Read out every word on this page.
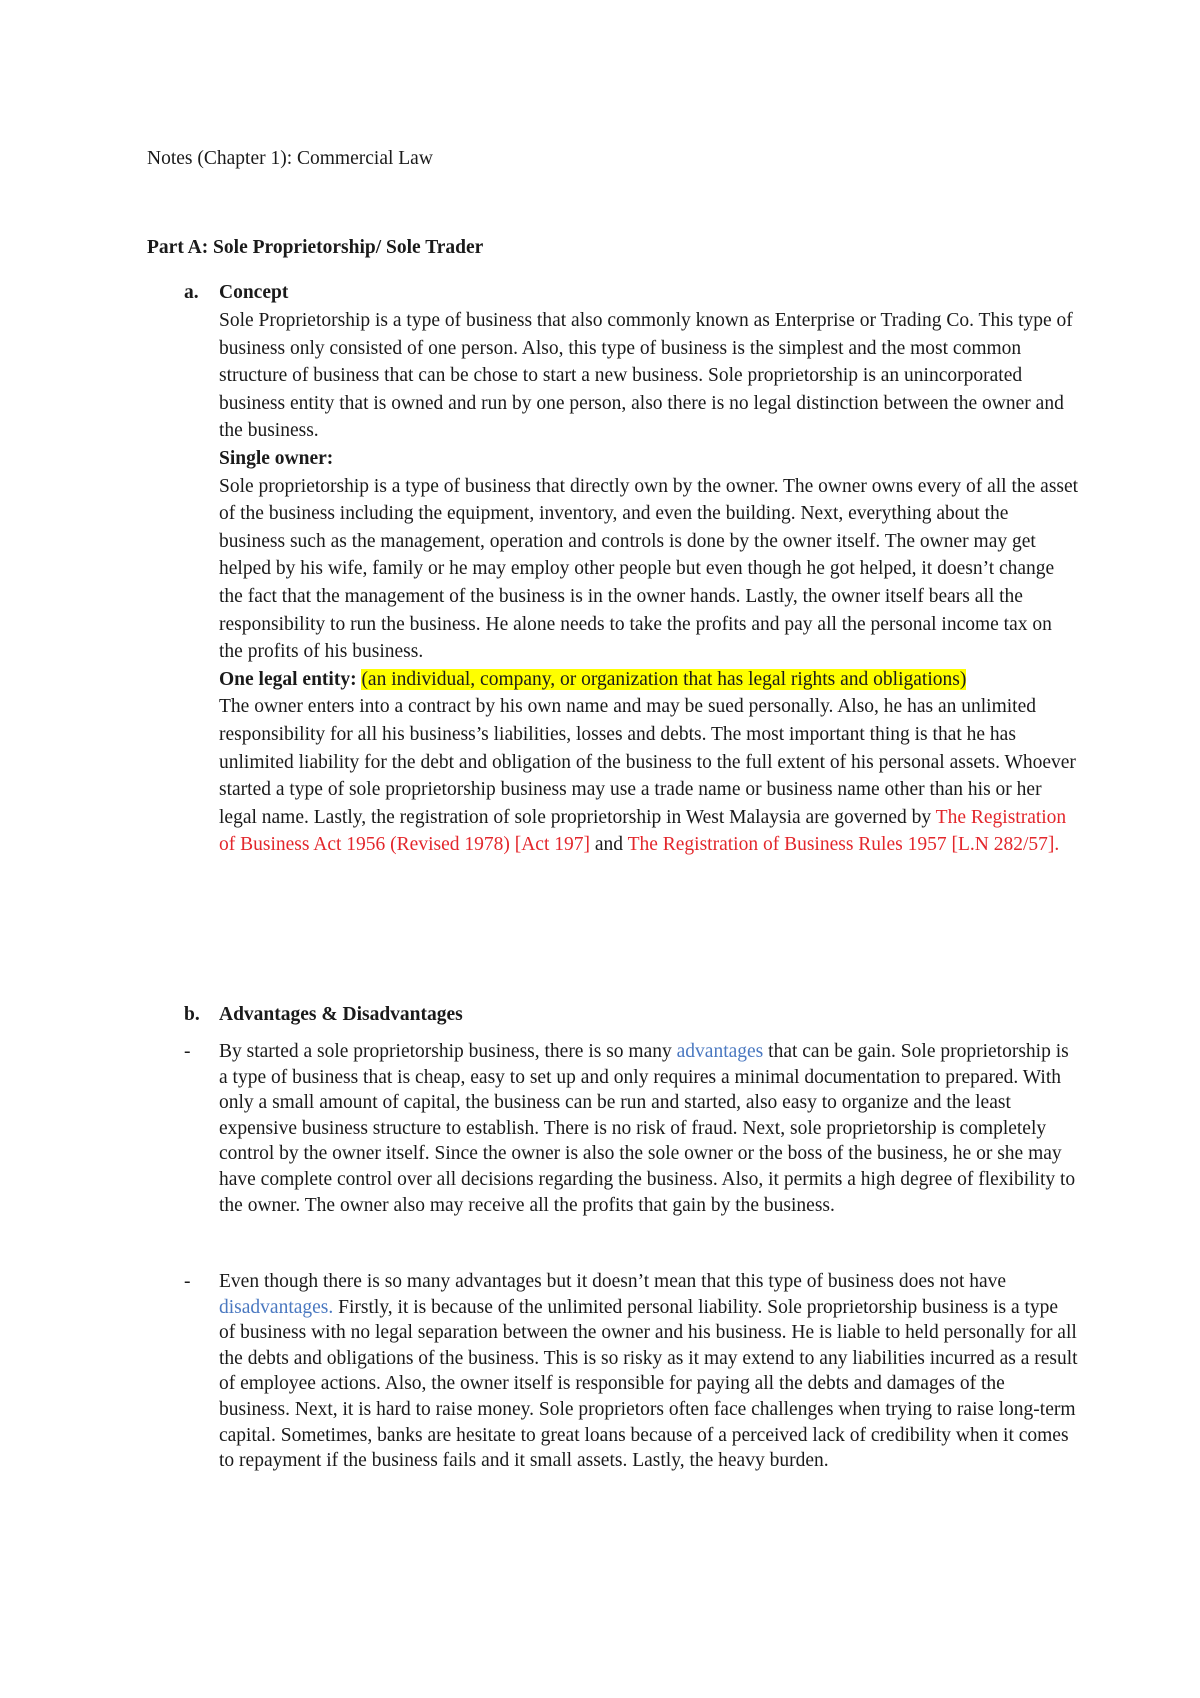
Notes (Chapter 1): Commercial Law
Part A: Sole Proprietorship/ Sole Trader
a. Concept

Sole Proprietorship is a type of business that also commonly known as Enterprise or Trading Co. This type of business only consisted of one person. Also, this type of business is the simplest and the most common structure of business that can be chose to start a new business. Sole proprietorship is an unincorporated business entity that is owned and run by one person, also there is no legal distinction between the owner and the business.

Single owner:

Sole proprietorship is a type of business that directly own by the owner. The owner owns every of all the asset of the business including the equipment, inventory, and even the building. Next, everything about the business such as the management, operation and controls is done by the owner itself. The owner may get helped by his wife, family or he may employ other people but even though he got helped, it doesn’t change the fact that the management of the business is in the owner hands. Lastly, the owner itself bears all the responsibility to run the business. He alone needs to take the profits and pay all the personal income tax on the profits of his business.

One legal entity: (an individual, company, or organization that has legal rights and obligations)

The owner enters into a contract by his own name and may be sued personally. Also, he has an unlimited responsibility for all his business’s liabilities, losses and debts. The most important thing is that he has unlimited liability for the debt and obligation of the business to the full extent of his personal assets. Whoever started a type of sole proprietorship business may use a trade name or business name other than his or her legal name. Lastly, the registration of sole proprietorship in West Malaysia are governed by The Registration of Business Act 1956 (Revised 1978) [Act 197] and The Registration of Business Rules 1957 [L.N 282/57].

b. Advantages & Disadvantages
- By started a sole proprietorship business, there is so many advantages that can be gain. Sole proprietorship is a type of business that is cheap, easy to set up and only requires a minimal documentation to prepared. With only a small amount of capital, the business can be run and started, also easy to organize and the least expensive business structure to establish. There is no risk of fraud. Next, sole proprietorship is completely control by the owner itself. Since the owner is also the sole owner or the boss of the business, he or she may have complete control over all decisions regarding the business. Also, it permits a high degree of flexibility to the owner. The owner also may receive all the profits that gain by the business.

- Even though there is so many advantages but it doesn’t mean that this type of business does not have disadvantages. Firstly, it is because of the unlimited personal liability. Sole proprietorship business is a type of business with no legal separation between the owner and his business. He is liable to held personally for all the debts and obligations of the business. This is so risky as it may extend to any liabilities incurred as a result of employee actions. Also, the owner itself is responsible for paying all the debts and damages of the business. Next, it is hard to raise money. Sole proprietors often face challenges when trying to raise long-term capital. Sometimes, banks are hesitate to great loans because of a perceived lack of credibility when it comes to repayment if the business fails and it small assets. Lastly, the heavy burden.
